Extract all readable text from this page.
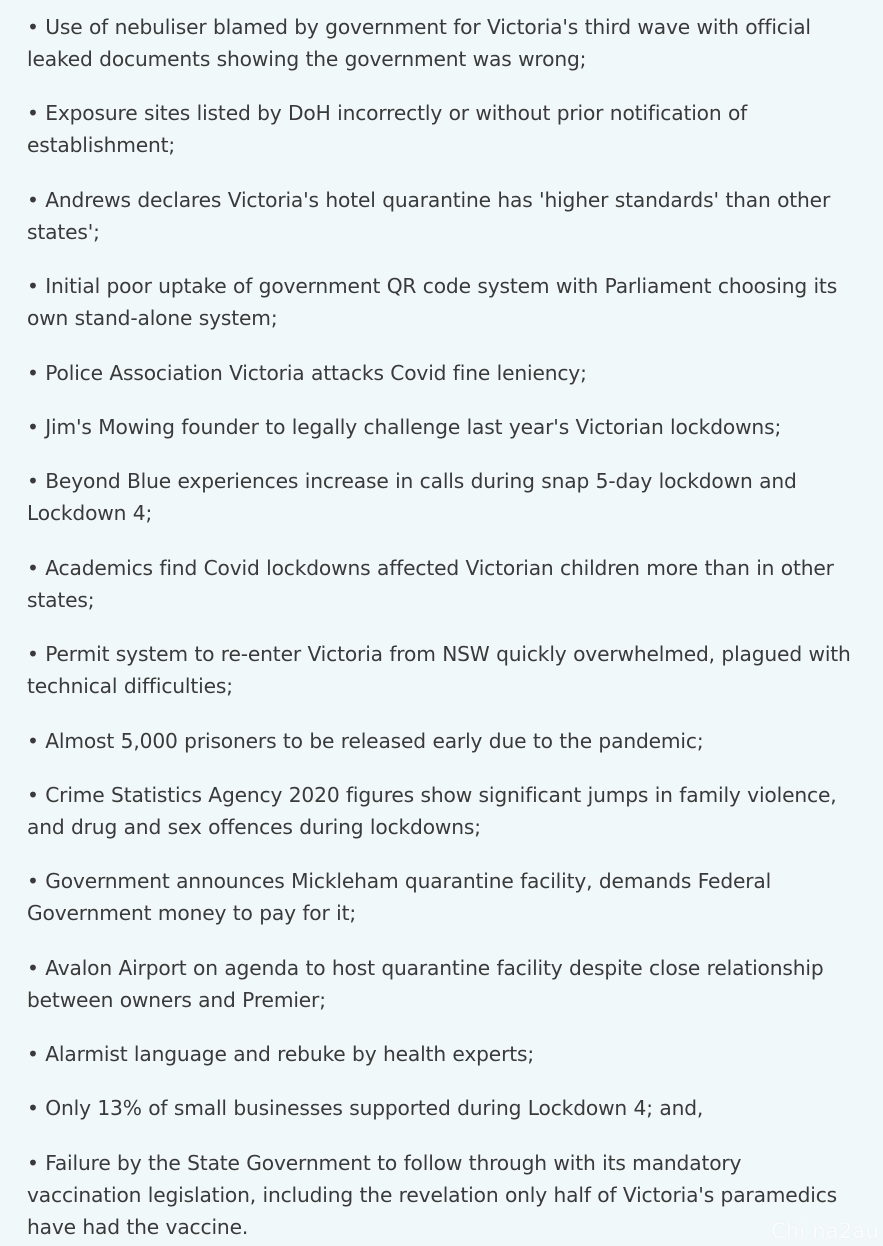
• Use of nebuliser blamed by government for Victoria's third wave with official leaked documents showing the government was wrong;

• Exposure sites listed by DoH incorrectly or without prior notification of establishment;

• Andrews declares Victoria's hotel quarantine has 'higher standards' than other states';

• Initial poor uptake of government QR code system with Parliament choosing its own stand-alone system;

• Police Association Victoria attacks Covid fine leniency;

• Jim's Mowing founder to legally challenge last year's Victorian lockdowns;

• Beyond Blue experiences increase in calls during snap 5-day lockdown and Lockdown 4;

• Academics find Covid lockdowns affected Victorian children more than in other states;

• Permit system to re-enter Victoria from NSW quickly overwhelmed, plagued with technical difficulties;

• Almost 5,000 prisoners to be released early due to the pandemic;

• Crime Statistics Agency 2020 figures show significant jumps in family violence, and drug and sex offences during lockdowns;

• Government announces Mickleham quarantine facility, demands Federal Government money to pay for it;

• Avalon Airport on agenda to host quarantine facility despite close relationship between owners and Premier;

• Alarmist language and rebuke by health experts;

• Only 13% of small businesses supported during Lockdown 4; and,

• Failure by the State Government to follow through with its mandatory vaccination legislation, including the revelation only half of Victoria's paramedics have had the vaccine.	Chi na2au
